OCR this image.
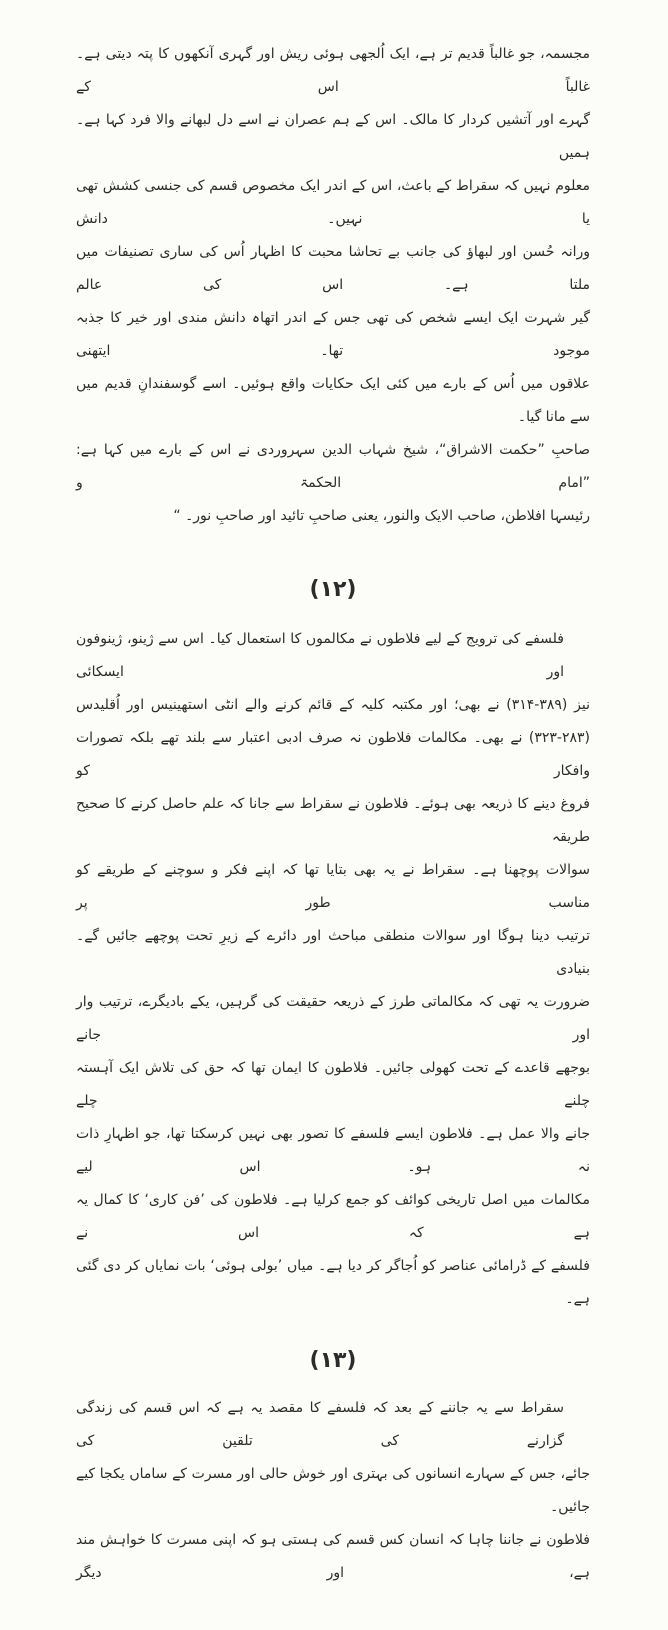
مجسمہ، جو غالباً قدیم تر ہے، ایک اُلجھی ہوئی ریش اور گہری آنکھوں کا پتہ دیتی ہے۔ غالباً اس کے
گہرے اور آتشیں کردار کا مالک۔ اس کے ہم عصران نے اسے دل لبھانے والا فرد کہا ہے۔ ہمیں
معلوم نہیں کہ سقراط کے باعث، اس کے اندر ایک مخصوص قسم کی جنسی کشش تھی یا نہیں۔ دانش
ورانہ حُسن اور لبھاؤ کی جانب بے تحاشا محبت کا اظہار اُس کی ساری تصنیفات میں ملتا ہے۔ اس کی عالم
گیر شہرت ایک ایسے شخص کی تھی جس کے اندر اتھاہ دانش مندی اور خیر کا جذبہ موجود تھا۔ ایتھنی
علاقوں میں اُس کے بارے میں کئی ایک حکایات واقع ہوئیں۔ اسے گوسفندانِ قدیم میں سے مانا گیا۔
صاحبِ ”حکمت الاشراق“، شیخ شہاب الدین سہروردی نے اس کے بارے میں کہا ہے: ”امام الحکمۃ و
رئیسہا افلاطن، صاحب الایک والنور، یعنی صاحبِ تائید اور صاحبِ نور۔ “
(۱۲)
فلسفے کی ترویج کے لیے فلاطوں نے مکالموں کا استعمال کیا۔ اس سے ژینو، ژینوفون اور ایسکائی
نیز (۳۸۹-۳۱۴) نے بھی؛ اور مکتبہ کلیہ کے قائم کرنے والے انٹی استھینیس اور اُقلیدس
(۳۲۳-۲۸۳) نے بھی۔ مکالمات فلاطون نہ صرف ادبی اعتبار سے بلند تھے بلکہ تصورات وافکار کو
فروغ دینے کا ذریعہ بھی ہوئے۔ فلاطون نے سقراط سے جانا کہ علم حاصل کرنے کا صحیح طریقہ
سوالات پوچھنا ہے۔ سقراط نے یہ بھی بتایا تھا کہ اپنے فکر و سوچنے کے طریقے کو مناسب طور پر
ترتیب دینا ہوگا اور سوالات منطقی مباحث اور دائرے کے زیرِ تحت پوچھے جائیں گے۔ بنیادی
ضرورت یہ تھی کہ مکالماتی طرز کے ذریعہ حقیقت کی گرہیں، یکے بادیگرے، ترتیب وار اور جانے
بوجھے قاعدے کے تحت کھولی جائیں۔ فلاطون کا ایمان تھا کہ حق کی تلاش ایک آہستہ چلنے چلے
جانے والا عمل ہے۔ فلاطون ایسے فلسفے کا تصور بھی نہیں کرسکتا تھا، جو اظہارِ ذات نہ ہو۔ اس لیے
مکالمات میں اصل تاریخی کوائف کو جمع کرلیا ہے۔ فلاطون کی ’فن کاری‘ کا کمال یہ ہے کہ اس نے
فلسفے کے ڈرامائی عناصر کو اُجاگر کر دیا ہے۔ میاں ’بولی ہوئی‘ بات نمایاں کر دی گئی ہے۔
(۱۳)
سقراط سے یہ جاننے کے بعد کہ فلسفے کا مقصد یہ ہے کہ اس قسم کی زندگی گزارنے کی تلقین کی
جائے، جس کے سہارے انسانوں کی بہتری اور خوش حالی اور مسرت کے ساماں یکجا کیے جائیں۔
فلاطون نے جاننا چاہا کہ انسان کس قسم کی ہستی ہو کہ اپنی مسرت کا خواہش مند ہے، اور دیگر
